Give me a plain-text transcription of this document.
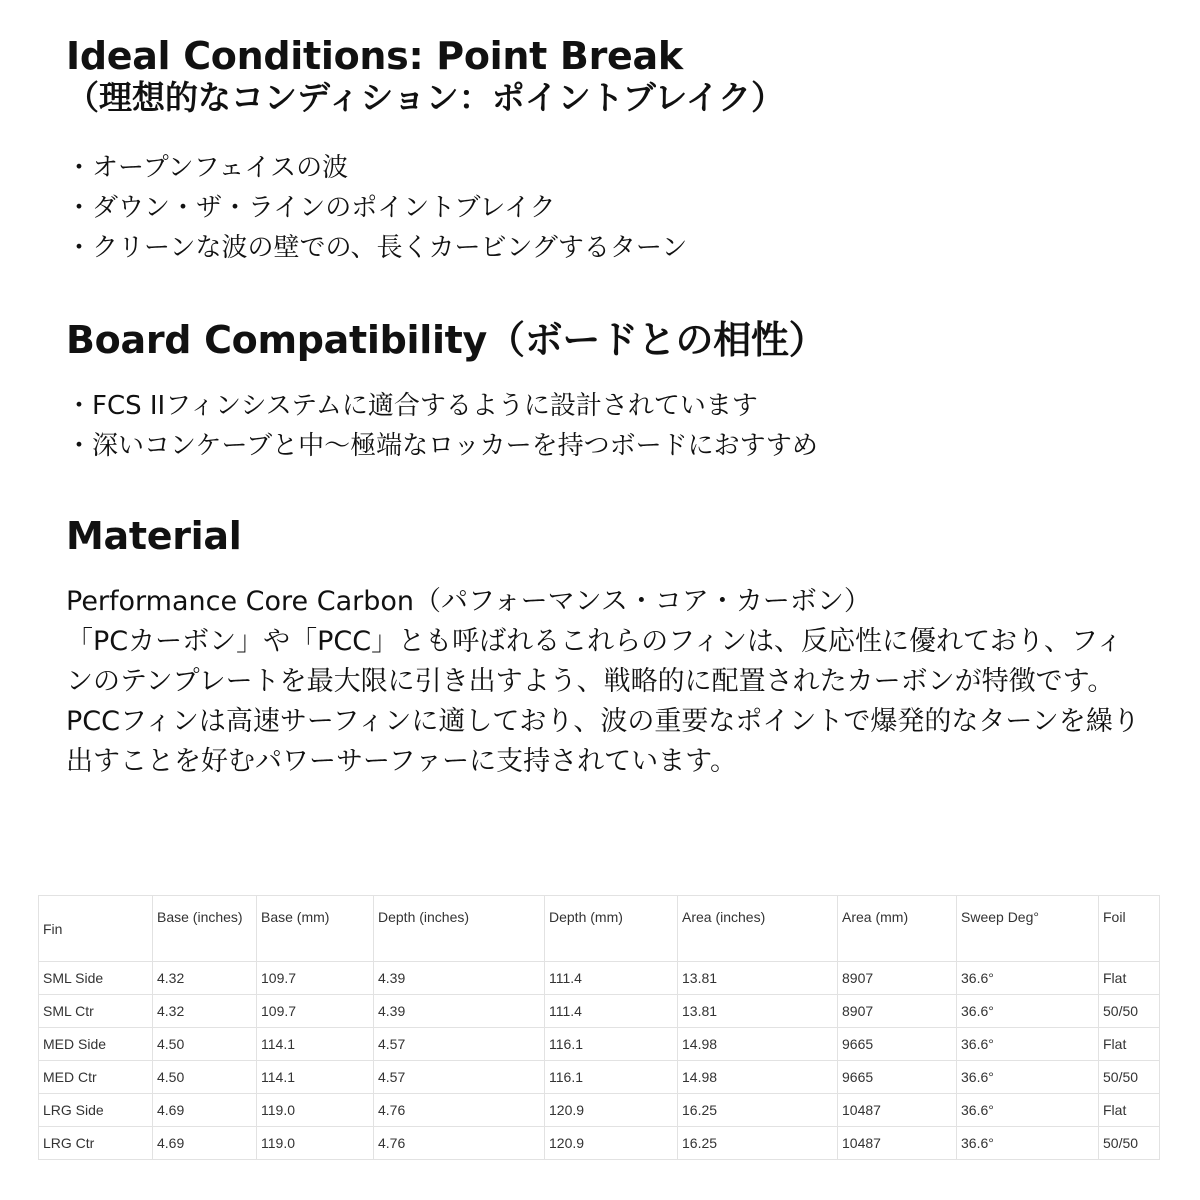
Ideal Conditions: Point Break
（理想的なコンディション：ポイントブレイク）
・オープンフェイスの波
・ダウン・ザ・ラインのポイントブレイク
・クリーンな波の壁での、長くカービングするターン
Board Compatibility（ボードとの相性）
・FCS IIフィンシステムに適合するように設計されています
・深いコンケーブと中〜極端なロッカーを持つボードにおすすめ
Material

Performance Core Carbon（パフォーマンス・コア・カーボン）

「PCカーボン」や「PCC」とも呼ばれるこれらのフィンは、反応性に優れており、フィンのテンプレートを最大限に引き出すよう、戦略的に配置されたカーボンが特徴です。

PCCフィンは高速サーフィンに適しており、波の重要なポイントで爆発的なターンを繰り出すことを好むパワーサーファーに支持されています。

Fin	Base (inches)	Base (mm)	Depth (inches)	Depth (mm)	Area (inches)	Area (mm)	Sweep Deg°	Foil
SML Side	4.32	109.7	4.39	111.4	13.81	8907	36.6°	Flat
SML Ctr	4.32	109.7	4.39	111.4	13.81	8907	36.6°	50/50
MED Side	4.50	114.1	4.57	116.1	14.98	9665	36.6°	Flat
MED Ctr	4.50	114.1	4.57	116.1	14.98	9665	36.6°	50/50
LRG Side	4.69	119.0	4.76	120.9	16.25	10487	36.6°	Flat
LRG Ctr	4.69	119.0	4.76	120.9	16.25	10487	36.6°	50/50
